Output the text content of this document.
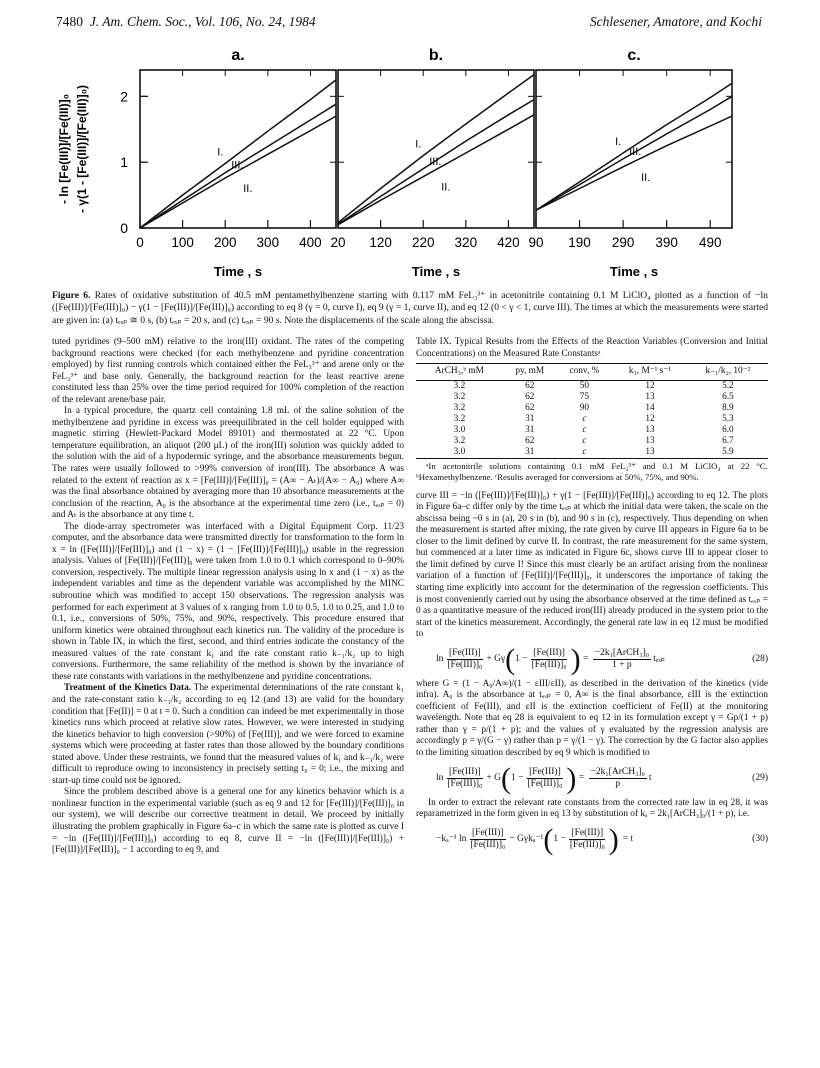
7480 J. Am. Chem. Soc., Vol. 106, No. 24, 1984	Schlesener, Amatore, and Kochi
- ln [Fe(III)]/[Fe(III)]₀ - γ(1 - [Fe(III)]/[Fe(III)]₀)
0
1
2
a.
0 100 200 300 400
Time , s
I.
III.
II.
b.
20 120 220 320 420
Time , s
I.
III.
II.
c.
90 190 290 390 490
Time , s
I.
III.
II.
Figure 6. Rates of oxidative substitution of 40.5 mM pentamethylbenzene starting with 0.117 mM FeL₃³⁺ in acetonitrile containing 0.1 M LiClO₄ plotted as a function of −ln ([Fe(III)]/[Fe(III)]₀) − γ(1 − [Fe(III)]/[Fe(III)]₀) according to eq 8 (γ = 0, curve I), eq 9 (γ = 1, curve II), and eq 12 (0 < γ < 1, curve III). The times at which the measurements were started are given in: (a) tₑₓₚ ≅ 0 s, (b) tₑₓₚ = 20 s, and (c) tₑₓₚ = 90 s. Note the displacements of the scale along the abscissa.

tuted pyridines (9–500 mM) relative to the iron(III) oxidant. The rates of the competing background reactions were checked (for each methylbenzene and pyridine concentration employed) by first running controls which contained either the FeL₃³⁺ and arene only or the FeL₃³⁺ and base only. Generally, the background reaction for the least reactive arene constituted less than 25% over the time period required for 100% completion of the reaction of the relevant arene/base pair.

In a typical procedure, the quartz cell containing 1.8 mL of the saline solution of the methylbenzene and pyridine in excess was preequilibrated in the cell holder equipped with magnetic stirring (Hewlett-Packard Model 89101) and thermostated at 22 °C. Upon temperature equilibration, an aliquot (200 μL) of the iron(III) solution was quickly added to the solution with the aid of a hypodermic syringe, and the absorbance measurements begun. The rates were usually followed to >99% conversion of iron(III). The absorbance A was related to the extent of reaction as x = [Fe(III)]/[Fe(III)]₀ = (A∞ − Aₜ)/(A∞ − A₀) where A∞ was the final absorbance obtained by averaging more than 10 absorbance measurements at the conclusion of the reaction, A₀ is the absorbance at the experimental time zero (i.e., tₑₓₚ = 0) and Aₜ is the absorbance at any time t.

The diode-array spectrometer was interfaced with a Digital Equipment Corp. 11/23 computer, and the absorbance data were transmitted directly for transformation to the form ln x = ln ([Fe(III)]/[Fe(III)]₀) and (1 − x) = (1 − [Fe(III)]/[Fe(III)]₀) usable in the regression analysis. Values of [Fe(III)]/[Fe(III)]₀ were taken from 1.0 to 0.1 which correspond to 0–90% conversion, respectively. The multiple linear regression analysis using ln x and (1 − x) as the independent variables and time as the dependent variable was accomplished by the MINC subroutine which was modified to accept 150 observations. The regression analysis was performed for each experiment at 3 values of x ranging from 1.0 to 0.5, 1.0 to 0.25, and 1.0 to 0.1, i.e., conversions of 50%, 75%, and 90%, respectively. This procedure ensured that uniform kinetics were obtained throughout each kinetics run. The validity of the procedure is shown in Table IX, in which the first, second, and third entries indicate the constancy of the measured values of the rate constant k₁ and the rate constant ratio k₋₁/k₂ up to high conversions. Furthermore, the same reliability of the method is shown by the invariance of these rate constants with variations in the methylbenzene and pyridine concentrations.

Treatment of the Kinetics Data. The experimental determinations of the rate constant k₁ and the rate-constant ratio k₋₁/k₂ according to eq 12 (and 13) are valid for the boundary condition that [Fe(II)] = 0 at t = 0. Such a condition can indeed be met experimentally in those kinetics runs which proceed at relative slow rates. However, we were interested in studying the kinetics behavior to high conversion (>90%) of [Fe(III)], and we were forced to examine systems which were proceeding at faster rates than those allowed by the boundary conditions stated above. Under these restraints, we found that the measured values of k₁ and k₋₁/k₂ were difficult to reproduce owing to inconsistency in precisely setting t₀ = 0; i.e., the mixing and start-up time could not be ignored.

Since the problem described above is a general one for any kinetics behavior which is a nonlinear function in the experimental variable (such as eq 9 and 12 for [Fe(III)]/[Fe(III)]₀ in our system), we will describe our corrective treatment in detail. We proceed by initially illustrating the problem graphically in Figure 6a–c in which the same rate is plotted as curve I = −ln ([Fe(III)]/[Fe(III)]₀) according to eq 8, curve II = −ln ([Fe(III)]/[Fe(III)]₀) + [Fe(III)]/[Fe(III)]₀ − 1 according to eq 9, and

Table IX. Typical Results from the Effects of the Reaction Variables (Conversion and Initial Concentrations) on the Measured Rate Constantsᵃ
ArCH₃,ᵇ mM	py, mM	conv, %	k₁, M⁻¹ s⁻¹	k₋₁/k₂, 10⁻²
3.2	62	50	12	5.2
3.2	62	75	13	6.5
3.2	62	90	14	8.9
3.2	31	c	12	5.3
3.0	31	c	13	6.0
3.2	62	c	13	6.7
3.0	31	c	13	5.9
ᵃIn acetonitrile solutions containing 0.1 mM FeL₃³⁺ and 0.1 M LiClO₄ at 22 °C. ᵇHexamethylbenzene. ᶜResults averaged for conversions at 50%, 75%, and 90%.

curve III = −ln ([Fe(III)]/[Fe(III)]₀) + γ(1 − [Fe(III)]/[Fe(III)]₀) according to eq 12. The plots in Figure 6a–c differ only by the time tₑₓₚ at which the initial data were taken, the scale on the abscissa being ~0 s in (a), 20 s in (b), and 90 s in (c), respectively. Thus depending on when the measurement is started after mixing, the rate given by curve III appears in Figure 6a to be closer to the limit defined by curve II. In contrast, the rate measurement for the same system, but commenced at a later time as indicated in Figure 6c, shows curve III to appear closer to the limit defined by curve I! Since this must clearly be an artifact arising from the nonlinear variation of a function of [Fe(III)]/[Fe(III)]₀, it underscores the importance of taking the starting time explicitly into account for the determination of the regression coefficients. This is most conveniently carried out by using the absorbance observed at the time defined as tₑₓₚ = 0 as a quantitative measure of the reduced iron(III) already produced in the system prior to the start of the kinetics measurement. Accordingly, the general rate law in eq 12 must be modified to

$\ln \frac{\text{[Fe(III)]}}{\text{[Fe(III)]₀}} + G\gamma$ ( $1 - \frac{\text{[Fe(III)]}}{\text{[Fe(III)]₀}}$ ) = $\frac{\text{−2k₁[ArCH₃]₀}}{1 + p}$ tₑₓₚ	(28)

where G = (1 − A₀/A∞)/(1 − εIII/εII), as described in the derivation of the kinetics (vide infra). A₀ is the absorbance at tₑₓₚ = 0, A∞ is the final absorbance, εIII is the extinction coefficient of Fe(III), and εII is the extinction coefficient of Fe(II) at the monitoring wavelength. Note that eq 28 is equivalent to eq 12 in its formulation except γ = Gp/(1 + p) rather than γ = p/(1 + p); and the values of γ evaluated by the regression analysis are accordingly p = γ/(G − γ) rather than p = γ/(1 − γ). The correction by the G factor also applies to the limiting situation described by eq 9 which is modified to

$\ln \frac{\text{[Fe(III)]}}{\text{[Fe(III)]₀}} + G$ ( $1 - \frac{\text{[Fe(III)]}}{\text{[Fe(III)]₀}}$ ) = $\frac{\text{−2k₁[ArCH₃]₀}}{p}$ t	(29)

In order to extract the relevant rate constants from the corrected rate law in eq 28, it was reparametrized in the form given in eq 13 by substitution of kₐ = 2k₁[ArCH₃]₀/(1 + p), i.e.

−kₐ⁻¹ $\ln \frac{\text{[Fe(III)]}}{\text{[Fe(III)]₀}} - G\gamma k_a^{-1}$ ( $1 - \frac{\text{[Fe(III)]}}{\text{[Fe(III)]₀}}$ ) = t	(30)
